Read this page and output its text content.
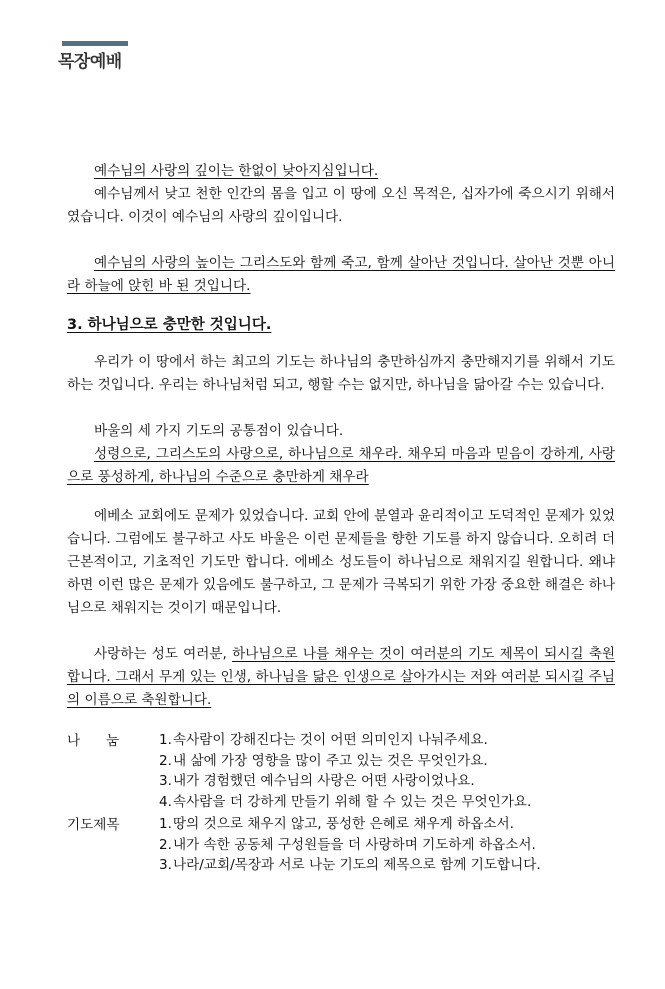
목장예배

예수님의 사랑의 깊이는 한없이 낮아지심입니다.

예수님께서 낮고 천한 인간의 몸을 입고 이 땅에 오신 목적은, 십자가에 죽으시기 위해서였습니다. 이것이 예수님의 사랑의 깊이입니다.

예수님의 사랑의 높이는 그리스도와 함께 죽고, 함께 살아난 것입니다. 살아난 것뿐 아니라 하늘에 앉힌 바 된 것입니다.

3. 하나님으로 충만한 것입니다.

우리가 이 땅에서 하는 최고의 기도는 하나님의 충만하심까지 충만해지기를 위해서 기도하는 것입니다. 우리는 하나님처럼 되고, 행할 수는 없지만, 하나님을 닮아갈 수는 있습니다.

바울의 세 가지 기도의 공통점이 있습니다.

성령으로, 그리스도의 사랑으로, 하나님으로 채우라. 채우되 마음과 믿음이 강하게, 사랑으로 풍성하게, 하나님의 수준으로 충만하게 채우라

에베소 교회에도 문제가 있었습니다. 교회 안에 분열과 윤리적이고 도덕적인 문제가 있었습니다. 그럼에도 불구하고 사도 바울은 이런 문제들을 향한 기도를 하지 않습니다. 오히려 더 근본적이고, 기초적인 기도만 합니다. 에베소 성도들이 하나님으로 채워지길 원합니다. 왜냐하면 이런 많은 문제가 있음에도 불구하고, 그 문제가 극복되기 위한 가장 중요한 해결은 하나님으로 채워지는 것이기 때문입니다.

사랑하는 성도 여러분, 하나님으로 나를 채우는 것이 여러분의 기도 제목이 되시길 축원합니다. 그래서 무게 있는 인생, 하나님을 닮은 인생으로 살아가시는 저와 여러분 되시길 주님의 이름으로 축원합니다.

나      눔	1. 속사람이 강해진다는 것이 어떤 의미인지 나눠주세요.
2. 내 삶에 가장 영향을 많이 주고 있는 것은 무엇인가요.
3. 내가 경험했던 예수님의 사랑은 어떤 사랑이었나요.
4. 속사람을 더 강하게 만들기 위해 할 수 있는 것은 무엇인가요.
기도제목	1. 땅의 것으로 채우지 않고, 풍성한 은혜로 채우게 하옵소서.
2. 내가 속한 공동체 구성원들을 더 사랑하며 기도하게 하옵소서.
3. 나라/교회/목장과 서로 나눈 기도의 제목으로 함께 기도합니다.
